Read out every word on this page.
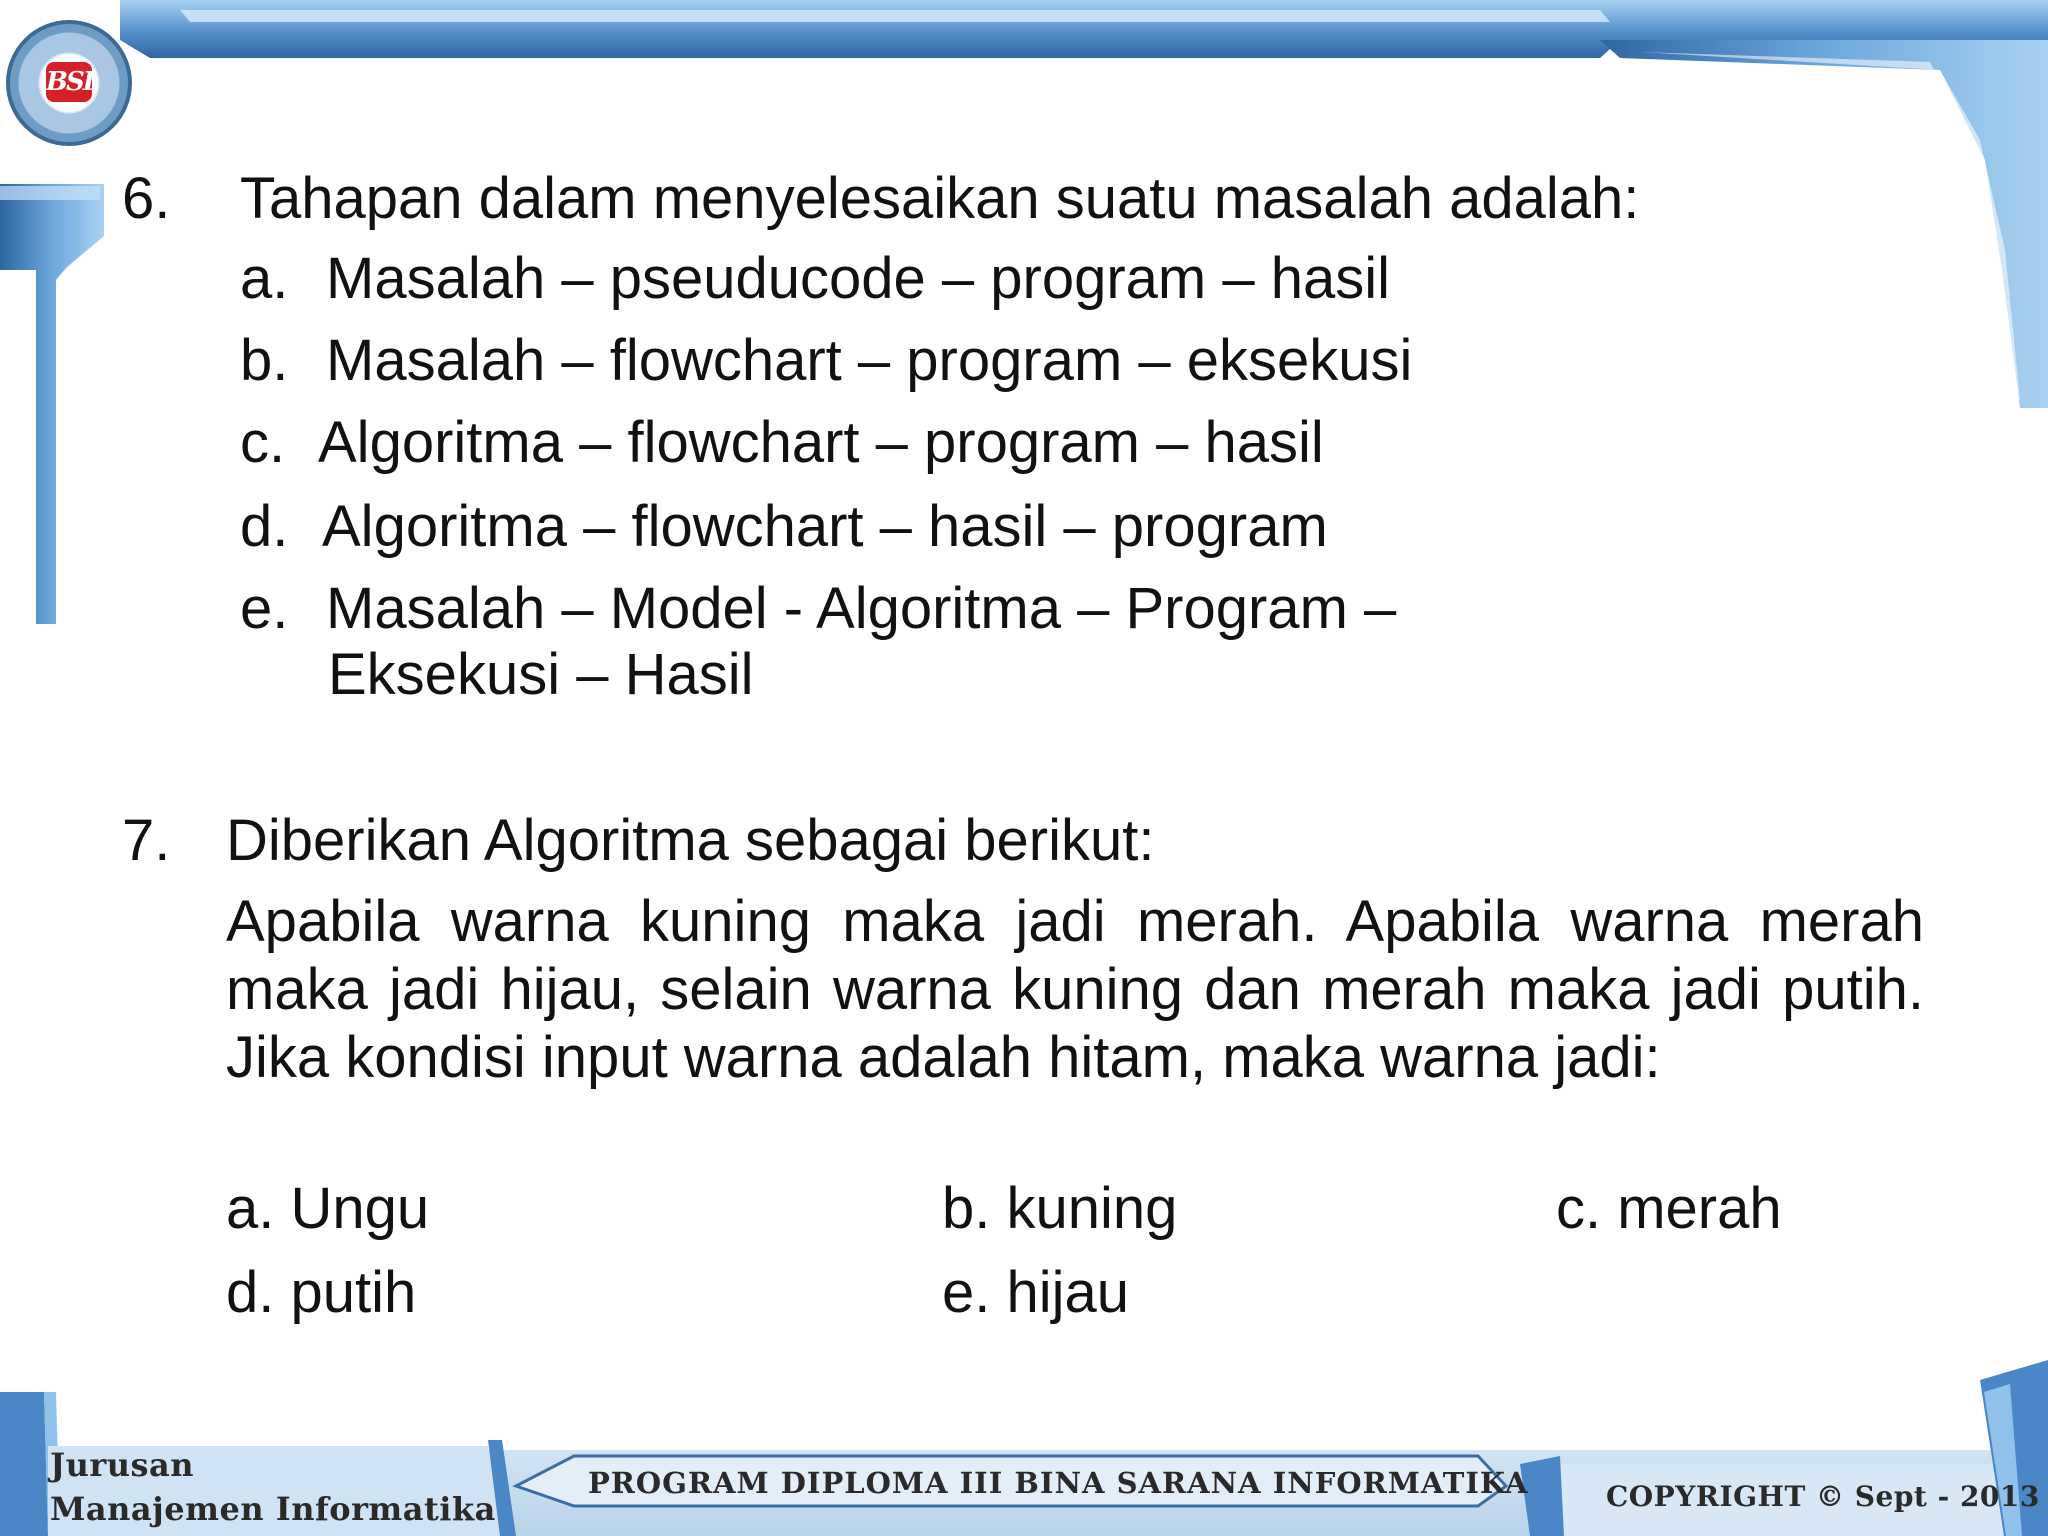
BSI
6. Tahapan dalam menyelesaikan suatu masalah adalah:
a. Masalah – pseuducode – program – hasil
b. Masalah – flowchart – program – eksekusi
c. Algoritma – flowchart – program – hasil
d. Algoritma – flowchart – hasil – program
e. Masalah – Model - Algoritma – Program –
Eksekusi – Hasil
7. Diberikan Algoritma sebagai berikut:
Apabila warna kuning maka jadi merah. Apabila warna merah maka jadi hijau, selain warna kuning dan merah maka jadi putih. Jika kondisi input warna adalah hitam, maka warna jadi:
a. Ungu	b. kuning	c. merah
d. putih	e. hijau
Jurusan
Manajemen Informatika
PROGRAM DIPLOMA III BINA SARANA INFORMATIKA	COPYRIGHT © Sept - 2013
